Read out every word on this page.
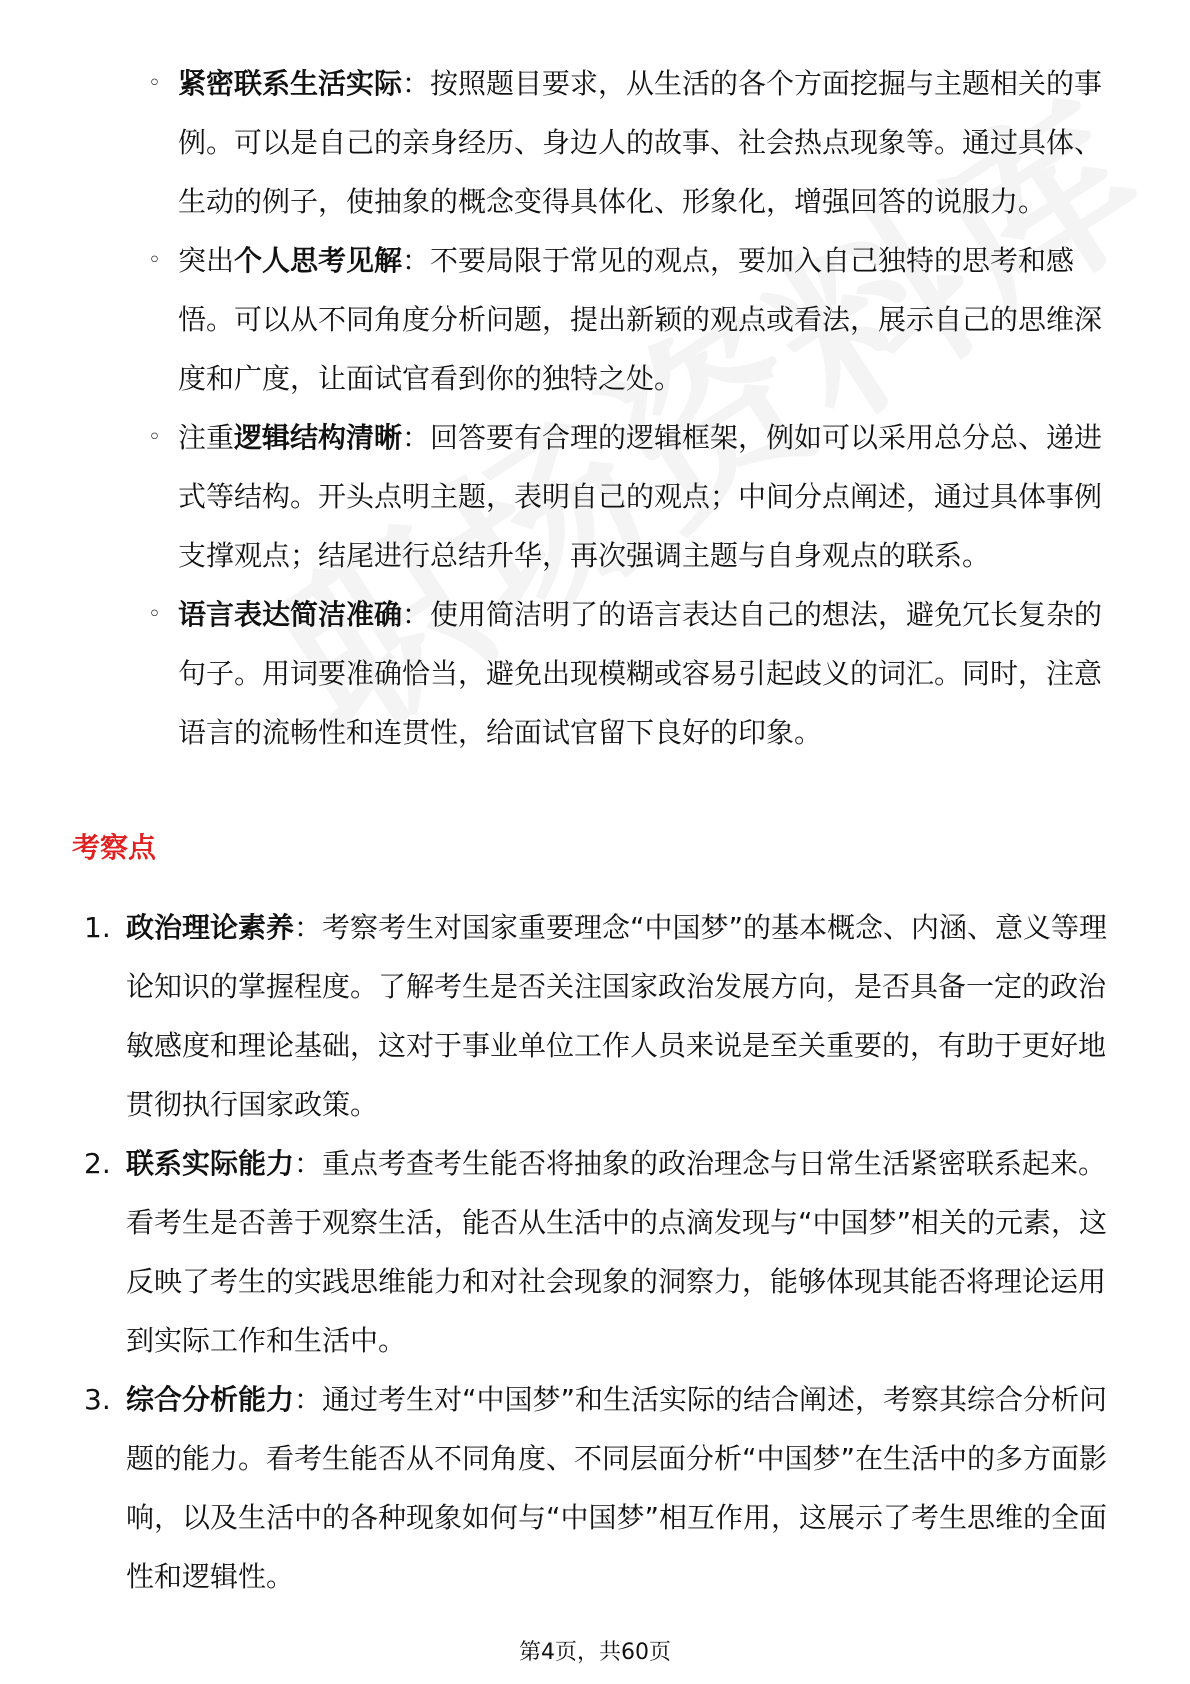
◦ 紧密联系生活实际：按照题目要求，从生活的各个方面挖掘与主题相关的事例。可以是自己的亲身经历、身边人的故事、社会热点现象等。通过具体、生动的例子，使抽象的概念变得具体化、形象化，增强回答的说服力。
◦ 突出个人思考见解：不要局限于常见的观点，要加入自己独特的思考和感悟。可以从不同角度分析问题，提出新颖的观点或看法，展示自己的思维深度和广度，让面试官看到你的独特之处。
◦ 注重逻辑结构清晰：回答要有合理的逻辑框架，例如可以采用总分总、递进式等结构。开头点明主题，表明自己的观点；中间分点阐述，通过具体事例支撑观点；结尾进行总结升华，再次强调主题与自身观点的联系。
◦ 语言表达简洁准确：使用简洁明了的语言表达自己的想法，避免冗长复杂的句子。用词要准确恰当，避免出现模糊或容易引起歧义的词汇。同时，注意语言的流畅性和连贯性，给面试官留下良好的印象。
考察点
1. 政治理论素养：考察考生对国家重要理念“中国梦”的基本概念、内涵、意义等理论知识的掌握程度。了解考生是否关注国家政治发展方向，是否具备一定的政治敏感度和理论基础，这对于事业单位工作人员来说是至关重要的，有助于更好地贯彻执行国家政策。
2. 联系实际能力：重点考查考生能否将抽象的政治理念与日常生活紧密联系起来。看考生是否善于观察生活，能否从生活中的点滴发现与“中国梦”相关的元素，这反映了考生的实践思维能力和对社会现象的洞察力，能够体现其能否将理论运用到实际工作和生活中。
3. 综合分析能力：通过考生对“中国梦”和生活实际的结合阐述，考察其综合分析问题的能力。看考生能否从不同角度、不同层面分析“中国梦”在生活中的多方面影响，以及生活中的各种现象如何与“中国梦”相互作用，这展示了考生思维的全面性和逻辑性。
第4页，共60页
